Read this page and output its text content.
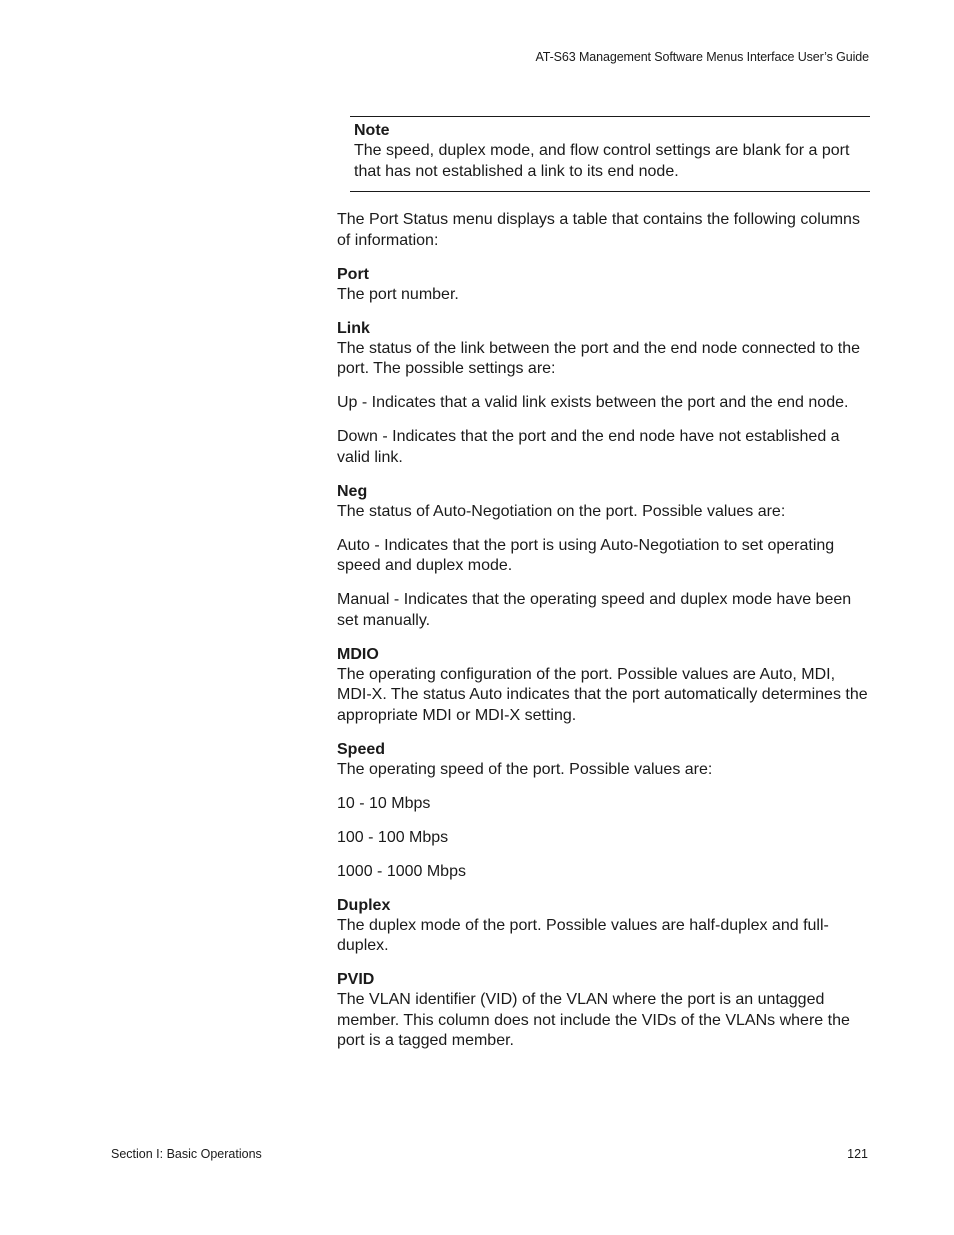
AT-S63 Management Software Menus Interface User’s Guide
Note
The speed, duplex mode, and flow control settings are blank for a port that has not established a link to its end node.

The Port Status menu displays a table that contains the following columns of information:

Port

The port number.

Link

The status of the link between the port and the end node connected to the port. The possible settings are:

Up - Indicates that a valid link exists between the port and the end node.

Down - Indicates that the port and the end node have not established a valid link.

Neg

The status of Auto-Negotiation on the port. Possible values are:

Auto - Indicates that the port is using Auto-Negotiation to set operating speed and duplex mode.

Manual - Indicates that the operating speed and duplex mode have been set manually.

MDIO

The operating configuration of the port. Possible values are Auto, MDI, MDI-X. The status Auto indicates that the port automatically determines the appropriate MDI or MDI-X setting.

Speed

The operating speed of the port. Possible values are:

10 - 10 Mbps

100 - 100 Mbps

1000 - 1000 Mbps

Duplex

The duplex mode of the port. Possible values are half-duplex and full-duplex.

PVID

The VLAN identifier (VID) of the VLAN where the port is an untagged member. This column does not include the VIDs of the VLANs where the port is a tagged member.

Section I: Basic Operations	121
